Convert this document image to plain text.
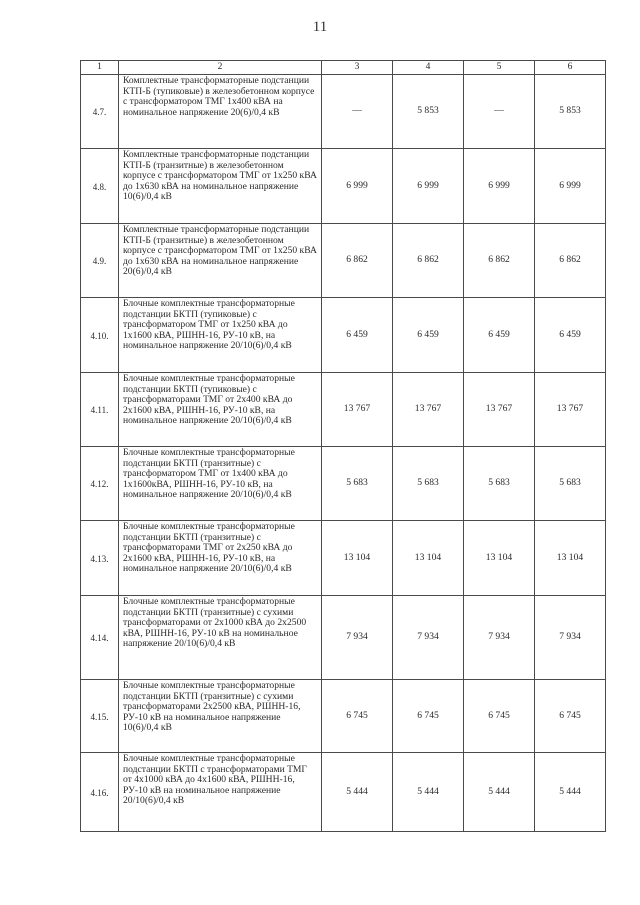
11
1	2	3	4	5	6
4.7.	Комплектные трансформаторные подстанции КТП-Б (тупиковые) в железобетонном корпусе с трансформатором ТМГ 1х400 кВА на номинальное напряжение 20(6)/0,4 кВ	—	5 853	—	5 853
4.8.	Комплектные трансформаторные подстанции КТП-Б (транзитные) в железобетонном корпусе с трансформатором ТМГ от 1х250 кВА до 1х630 кВА на номинальное напряжение 10(6)/0,4 кВ	6 999	6 999	6 999	6 999
4.9.	Комплектные трансформаторные подстанции КТП-Б (транзитные) в железобетонном корпусе с трансформатором ТМГ от 1х250 кВА до 1х630 кВА на номинальное напряжение 20(6)/0,4 кВ	6 862	6 862	6 862	6 862
4.10.	Блочные комплектные трансформаторные подстанции БКТП (тупиковые) с трансформатором ТМГ от 1х250 кВА до 1х1600 кВА, РШНН-16, РУ-10 кВ, на номинальное напряжение 20/10(6)/0,4 кВ	6 459	6 459	6 459	6 459
4.11.	Блочные комплектные трансформаторные подстанции БКТП (тупиковые) с трансформаторами ТМГ от 2х400 кВА до 2х1600 кВА, РШНН-16, РУ-10 кВ, на номинальное напряжение 20/10(6)/0,4 кВ	13 767	13 767	13 767	13 767
4.12.	Блочные комплектные трансформаторные подстанции БКТП (транзитные) с трансформатором ТМГ от 1х400 кВА до 1х1600кВА, РШНН-16, РУ-10 кВ, на номинальное напряжение 20/10(6)/0,4 кВ	5 683	5 683	5 683	5 683
4.13.	Блочные комплектные трансформаторные подстанции БКТП (транзитные) с трансформаторами ТМГ от 2х250 кВА до 2х1600 кВА, РШНН-16, РУ-10 кВ, на номинальное напряжение 20/10(6)/0,4 кВ	13 104	13 104	13 104	13 104
4.14.	Блочные комплектные трансформаторные подстанции БКТП (транзитные) с сухими трансформаторами от 2х1000 кВА до 2х2500 кВА, РШНН-16, РУ-10 кВ на номинальное напряжение 20/10(6)/0,4 кВ	7 934	7 934	7 934	7 934
4.15.	Блочные комплектные трансформаторные подстанции БКТП (транзитные) с сухими трансформаторами 2х2500 кВА, РШНН-16, РУ-10 кВ на номинальное напряжение 10(6)/0,4 кВ	6 745	6 745	6 745	6 745
4.16.	Блочные комплектные трансформаторные подстанции БКТП с трансформаторами ТМГ от 4х1000 кВА до 4х1600 кВА, РШНН-16, РУ-10 кВ на номинальное напряжение 20/10(6)/0,4 кВ	5 444	5 444	5 444	5 444
